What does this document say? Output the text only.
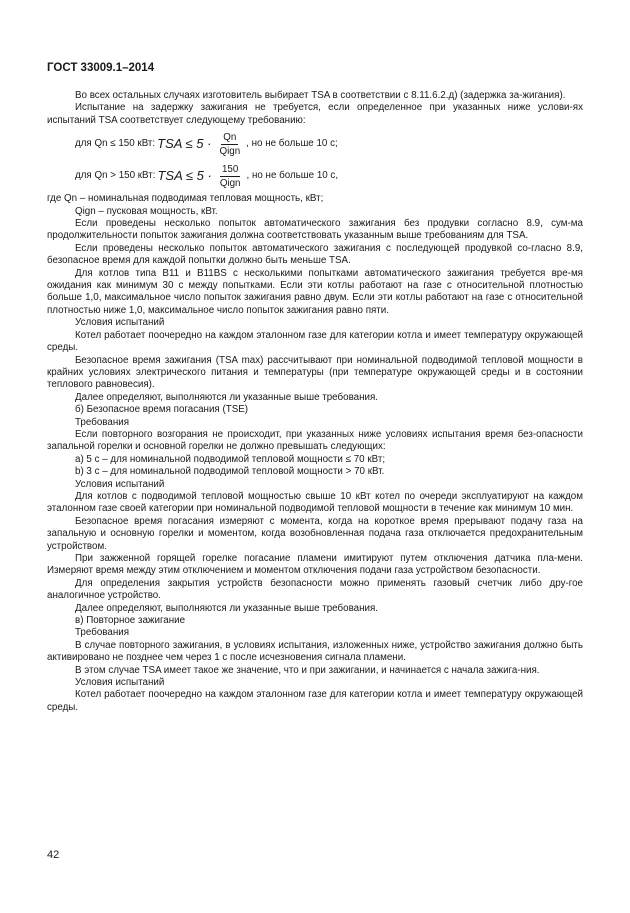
ГОСТ 33009.1–2014

Во всех остальных случаях изготовитель выбирает TSA в соответствии с 8.11.6.2.д) (задержка за-жигания).

Испытание на задержку зажигания не требуется, если определенное при указанных ниже услови-ях испытаний TSA соответствует следующему требованию:

для Qn ≤ 150 кВт: TSA ≤ $5 \cdot \frac{Qn}{\text{Qign}}$ , но не больше 10 с;
для Qn > 150 кВт: TSA ≤ $5 \cdot \frac{150}{\text{Qign}}$ , но не больше 10 с,

где Qn – номинальная подводимая тепловая мощность, кВт;

Qign – пусковая мощность, кВт.

Если проведены несколько попыток автоматического зажигания без продувки согласно 8.9, сум-ма продолжительности попыток зажигания должна соответствовать указанным выше требованиям для TSA.

Если проведены несколько попыток автоматического зажигания с последующей продувкой со-гласно 8.9, безопасное время для каждой попытки должно быть меньше TSA.

Для котлов типа B11 и B11BS с несколькими попытками автоматического зажигания требуется вре-мя ожидания как минимум 30 с между попытками. Если эти котлы работают на газе с относительной плотностью больше 1,0, максимальное число попыток зажигания равно двум. Если эти котлы работают на газе с относительной плотностью ниже 1,0, максимальное число попыток зажигания равно пяти.

Условия испытаний

Котел работает поочередно на каждом эталонном газе для категории котла и имеет температуру окружающей среды.

Безопасное время зажигания (TSA max) рассчитывают при номинальной подводимой тепловой мощности в крайних условиях электрического питания и температуры (при температуре окружающей среды и в состоянии теплового равновесия).

Далее определяют, выполняются ли указанные выше требования.

б) Безопасное время погасания (TSE)

Требования

Если повторного возгорания не происходит, при указанных ниже условиях испытания время без-опасности запальной горелки и основной горелки не должно превышать следующих:

а) 5 с – для номинальной подводимой тепловой мощности ≤ 70 кВт;

b) 3 с – для номинальной подводимой тепловой мощности > 70 кВт.

Условия испытаний

Для котлов с подводимой тепловой мощностью свыше 10 кВт котел по очереди эксплуатируют на каждом эталонном газе своей категории при номинальной подводимой тепловой мощности в течение как минимум 10 мин.

Безопасное время погасания измеряют с момента, когда на короткое время прерывают подачу газа на запальную и основную горелки и моментом, когда возобновленная подача газа отключается предохранительным устройством.

При зажженной горящей горелке погасание пламени имитируют путем отключения датчика пла-мени. Измеряют время между этим отключением и моментом отключения подачи газа устройством безопасности.

Для определения закрытия устройств безопасности можно применять газовый счетчик либо дру-гое аналогичное устройство.

Далее определяют, выполняются ли указанные выше требования.

в) Повторное зажигание

Требования

В случае повторного зажигания, в условиях испытания, изложенных ниже, устройство зажигания должно быть активировано не позднее чем через 1 с после исчезновения сигнала пламени.

В этом случае TSA имеет такое же значение, что и при зажигании, и начинается с начала зажига-ния.

Условия испытаний

Котел работает поочередно на каждом эталонном газе для категории котла и имеет температуру окружающей среды.

42
